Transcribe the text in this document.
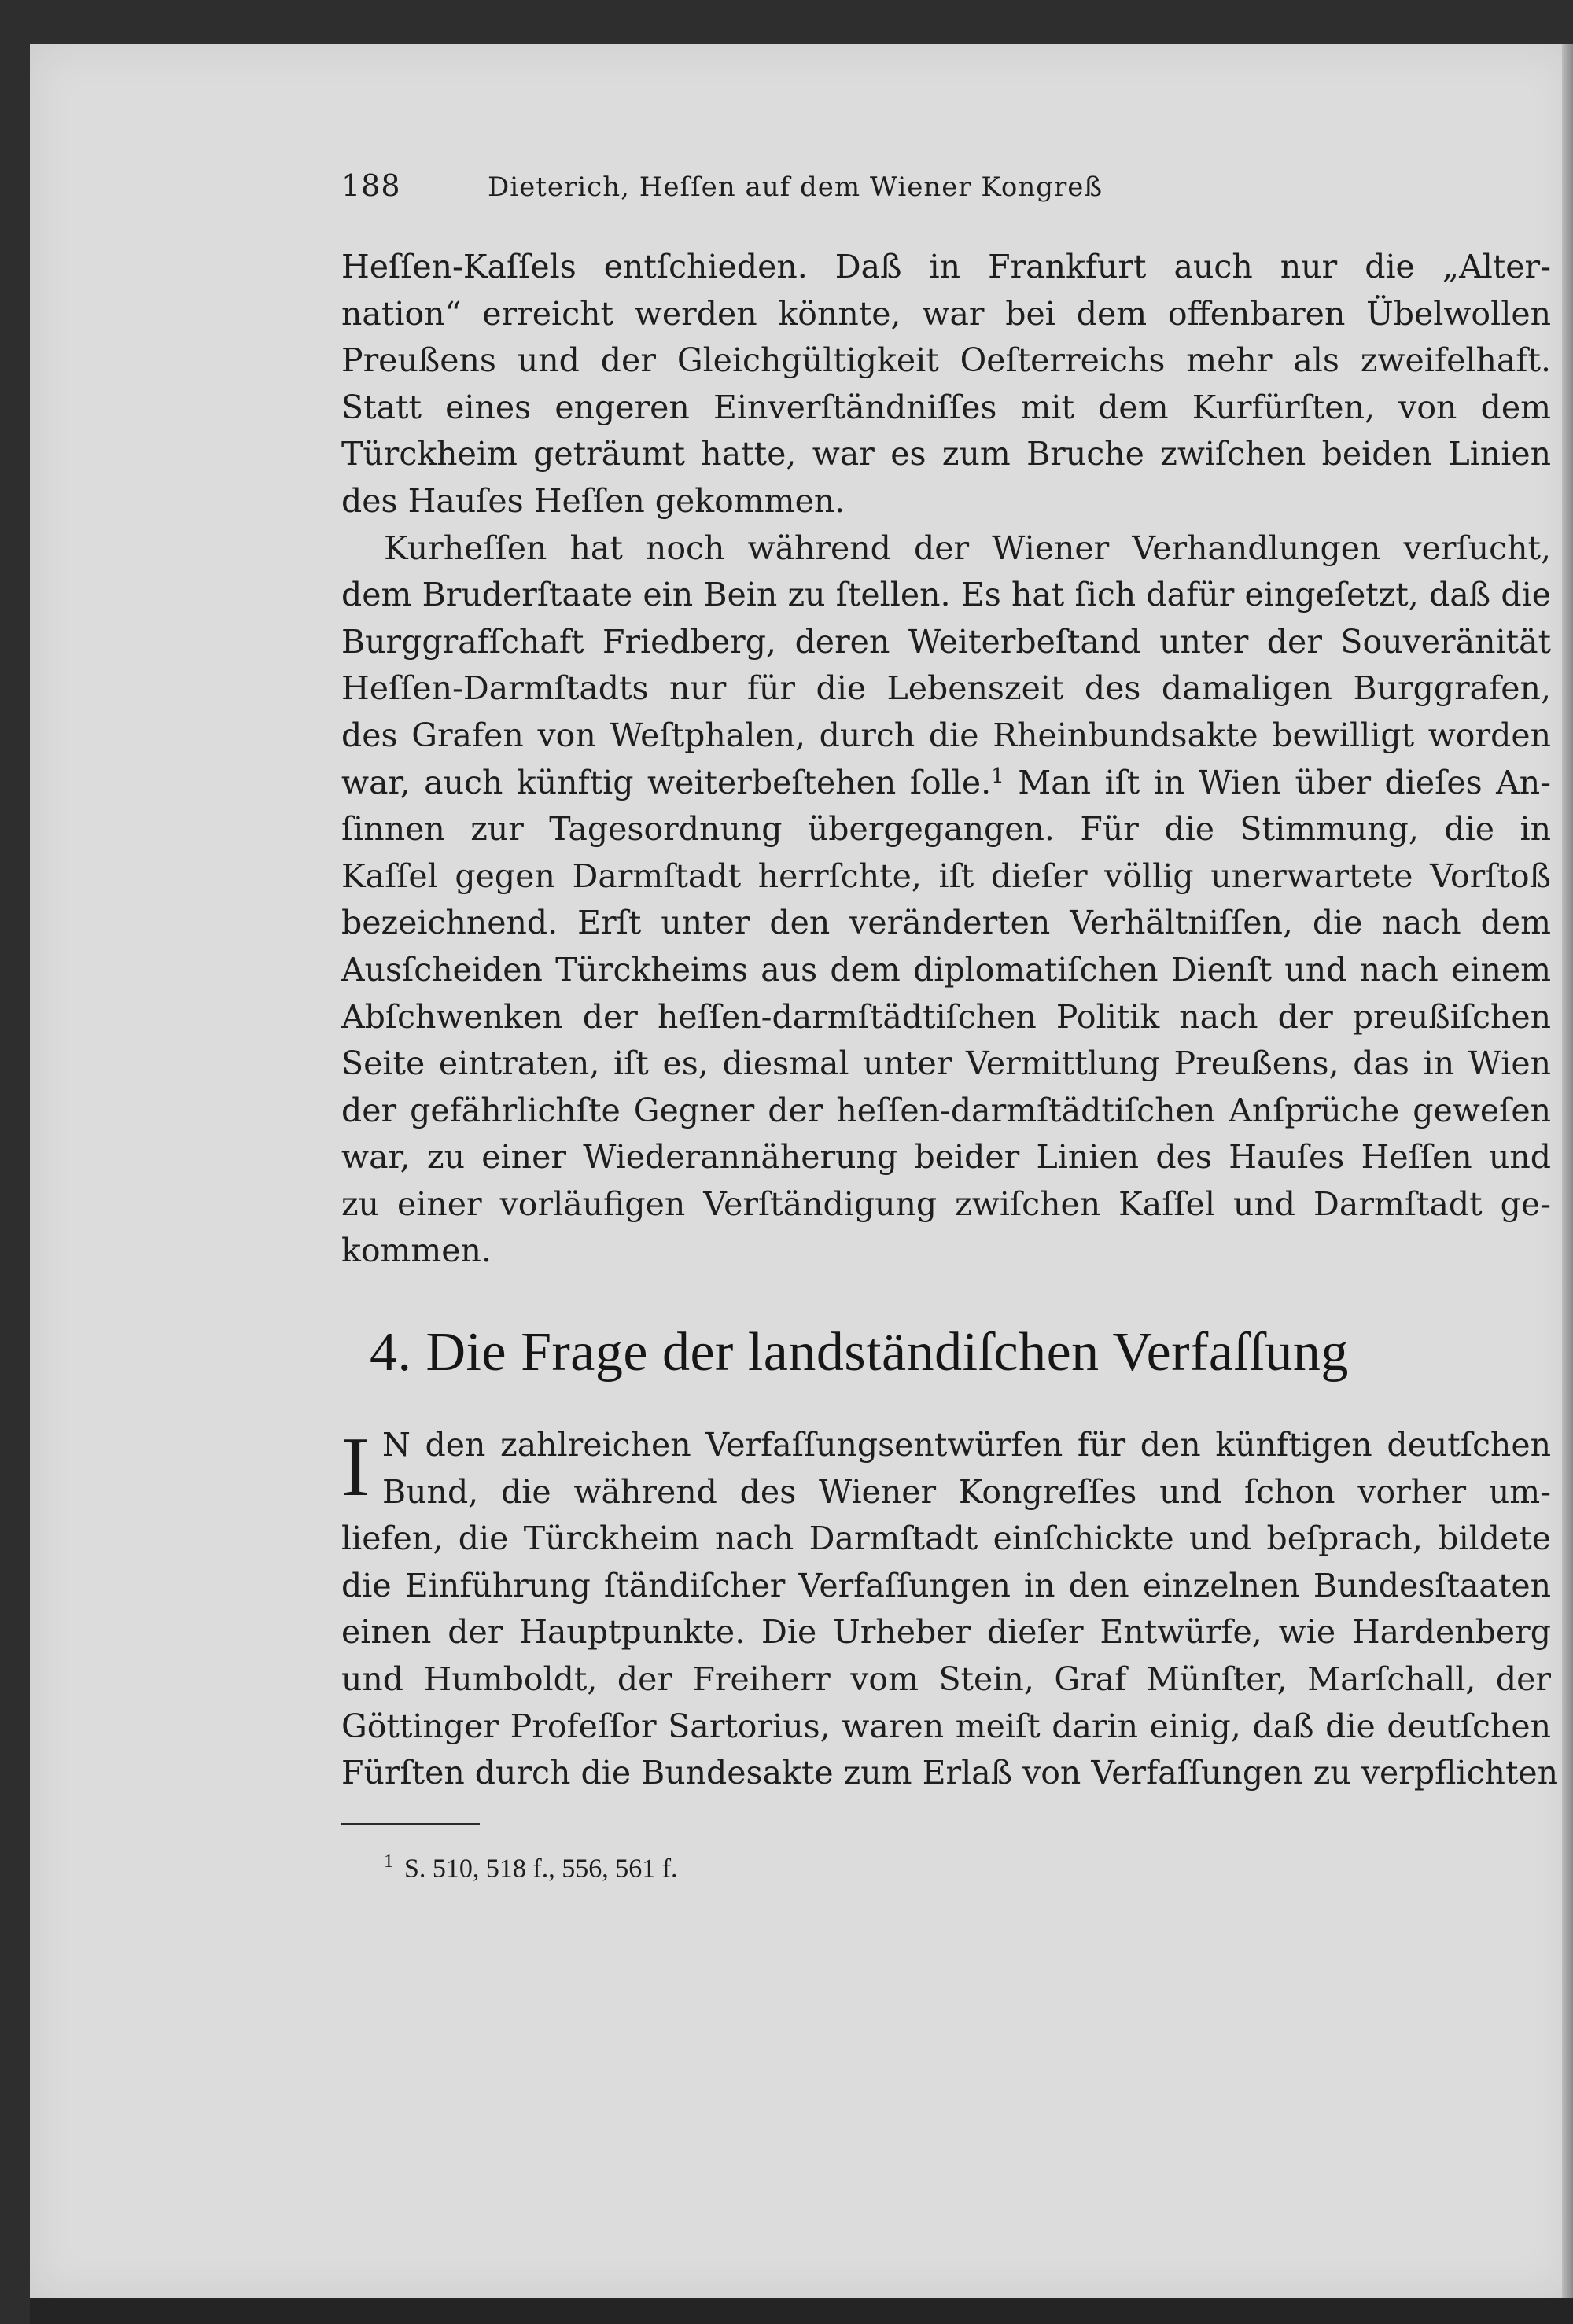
188	Dieterich, Heſſen auf dem Wiener Kongreß
Heſſen-Kaſſels entſchieden. Daß in Frankfurt auch nur die „Alter-
nation“ erreicht werden könnte, war bei dem offenbaren Übelwollen
Preußens und der Gleichgültigkeit Oeſterreichs mehr als zweifelhaft.
Statt eines engeren Einverſtändniſſes mit dem Kurfürſten, von dem
Türckheim geträumt hatte, war es zum Bruche zwiſchen beiden Linien
des Hauſes Heſſen gekommen.
Kurheſſen hat noch während der Wiener Verhandlungen verſucht,
dem Bruderſtaate ein Bein zu ſtellen. Es hat ſich dafür eingeſetzt, daß die
Burggrafſchaft Friedberg, deren Weiterbeſtand unter der Souveränität
Heſſen-Darmſtadts nur für die Lebenszeit des damaligen Burggrafen,
des Grafen von Weſtphalen, durch die Rheinbundsakte bewilligt worden
war, auch künftig weiterbeſtehen ſolle.$^1$ Man iſt in Wien über dieſes An-
ſinnen zur Tagesordnung übergegangen. Für die Stimmung, die in
Kaſſel gegen Darmſtadt herrſchte, iſt dieſer völlig unerwartete Vorſtoß
bezeichnend. Erſt unter den veränderten Verhältniſſen, die nach dem
Ausſcheiden Türckheims aus dem diplomatiſchen Dienſt und nach einem
Abſchwenken der heſſen-darmſtädtiſchen Politik nach der preußiſchen
Seite eintraten, iſt es, diesmal unter Vermittlung Preußens, das in Wien
der gefährlichſte Gegner der heſſen-darmſtädtiſchen Anſprüche geweſen
war, zu einer Wiederannäherung beider Linien des Hauſes Heſſen und
zu einer vorläufigen Verſtändigung zwiſchen Kaſſel und Darmſtadt ge-
kommen.
4. Die Frage der landständiſchen Verfaſſung
I N den zahlreichen Verfaſſungsentwürfen für den künftigen deutſchen
Bund, die während des Wiener Kongreſſes und ſchon vorher um-
liefen, die Türckheim nach Darmſtadt einſchickte und beſprach, bildete
die Einführung ſtändiſcher Verfaſſungen in den einzelnen Bundesſtaaten
einen der Hauptpunkte. Die Urheber dieſer Entwürfe, wie Hardenberg
und Humboldt, der Freiherr vom Stein, Graf Münſter, Marſchall, der
Göttinger Profeſſor Sartorius, waren meiſt darin einig, daß die deutſchen
Fürſten durch die Bundesakte zum Erlaß von Verfaſſungen zu verpflichten
$^1$ S. 510, 518 f., 556, 561 f.
